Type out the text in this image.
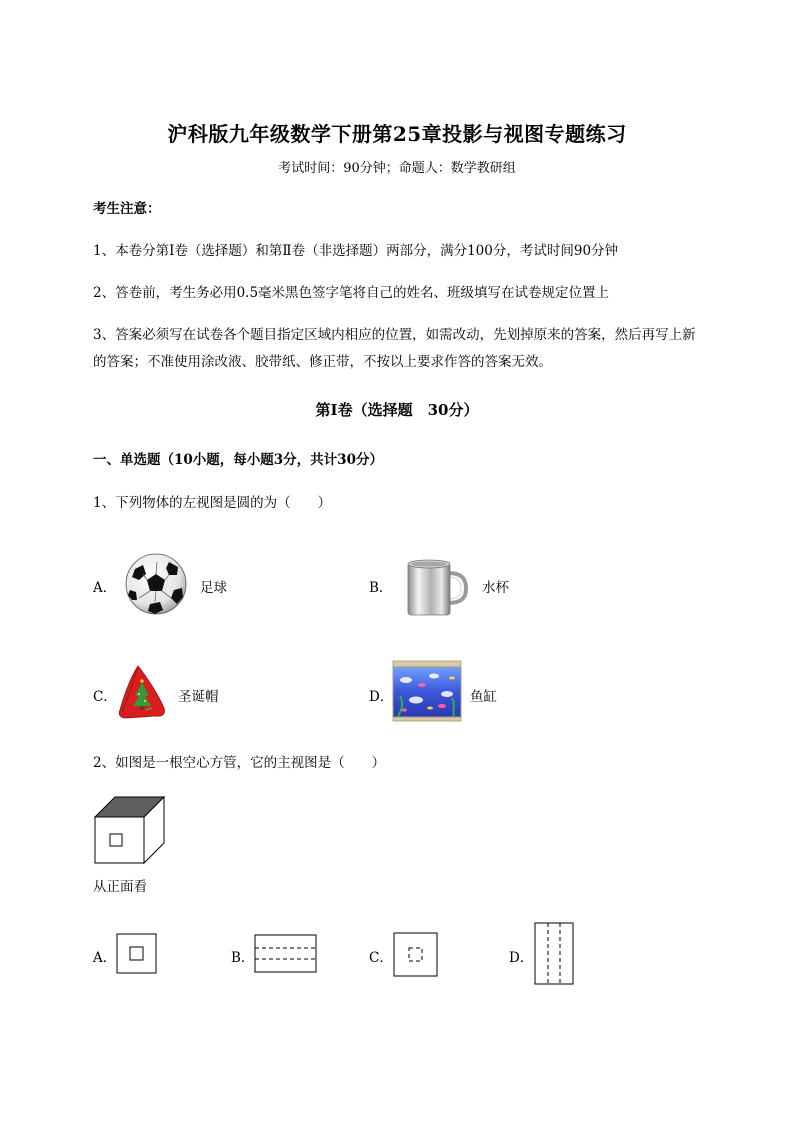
沪科版九年级数学下册第25章投影与视图专题练习
考试时间：90分钟；命题人：数学教研组
考生注意：
1、本卷分第I卷（选择题）和第Ⅱ卷（非选择题）两部分，满分100分，考试时间90分钟
2、答卷前，考生务必用0.5毫米黑色签字笔将自己的姓名、班级填写在试卷规定位置上
3、答案必须写在试卷各个题目指定区域内相应的位置，如需改动，先划掉原来的答案，然后再写上新
的答案；不准使用涂改液、胶带纸、修正带，不按以上要求作答的答案无效。
第I卷（选择题　30分）
一、单选题（10小题，每小题3分，共计30分）
1、下列物体的左视图是圆的为（　　）
A．	足球	B．	水杯
C．	圣诞帽	D．	鱼缸
2、如图是一根空心方管，它的主视图是（　　）
从正面看
A．	B．	C．	D．
